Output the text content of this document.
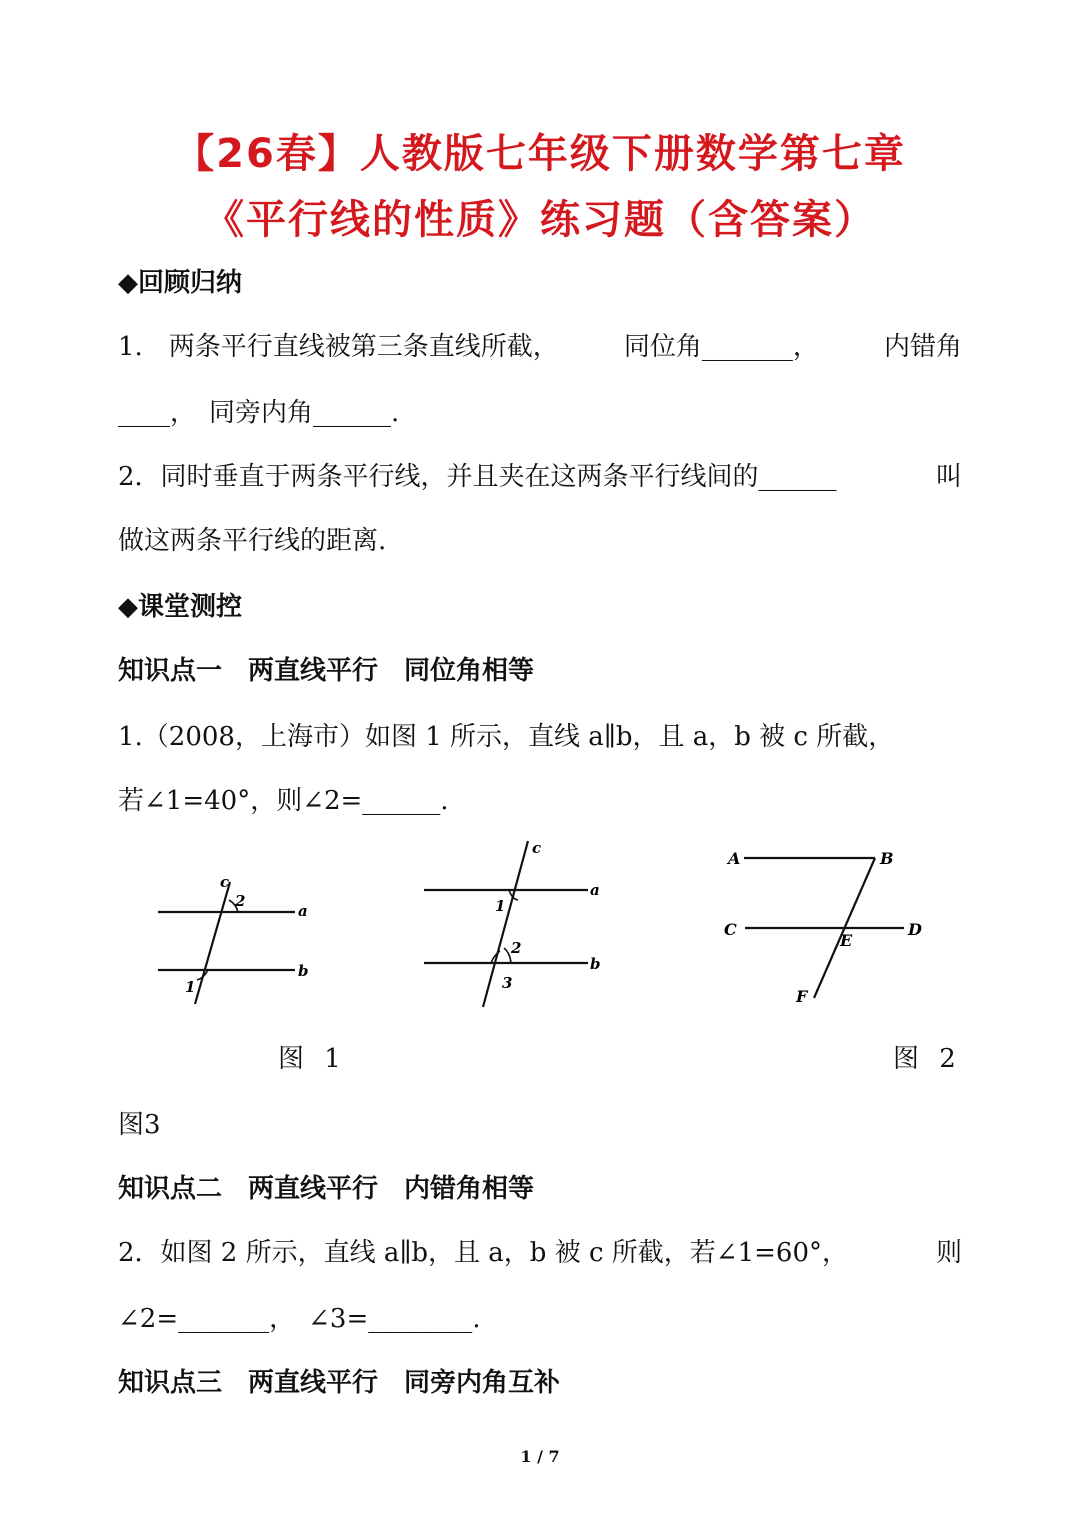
【26春】人教版七年级下册数学第七章
《平行线的性质》练习题（含答案）
◆回顾归纳
1.　两条平行直线被第三条直线所截，	同位角_______，	内错角
____，　同旁内角______.
2．同时垂直于两条平行线，并且夹在这两条平行线间的______	叫
做这两条平行线的距离.
◆课堂测控
知识点一　两直线平行　同位角相等
1.（2008，上海市）如图 1 所示，直线 a∥b，且 a，b 被 c 所截，
若∠1=40°，则∠2=______.
c
2
a
b
1
c
a
1
2
b
3
A	B
C	D
E
F
图 1	图 2
图3
知识点二　两直线平行　内错角相等
2．如图 2 所示，直线 a∥b，且 a，b 被 c 所截，若∠1=60°，	则
∠2=_______，　∠3=________.
知识点三　两直线平行　同旁内角互补
1 / 7
